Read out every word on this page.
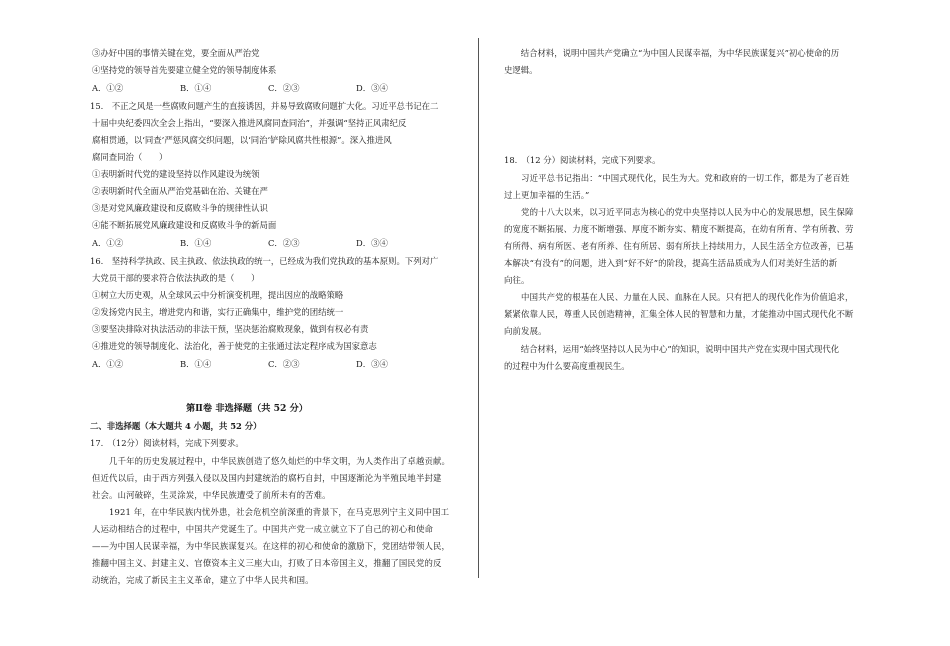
③办好中国的事情关键在党，要全面从严治党
④坚持党的领导首先要建立健全党的领导制度体系
A．①②	B．①④	C．②③	D．③④
15.　不正之风是一些腐败问题产生的直接诱因，并易导致腐败问题扩大化。习近平总书记在二
十届中央纪委四次全会上指出，“要深入推进风腐同查同治”，并强调“坚持正风肃纪反
腐相贯通，以‘同查’严惩风腐交织问题，以‘同治’铲除风腐共性根源”。深入推进风
腐同查同治（　　）
①表明新时代党的建设坚持以作风建设为统领
②表明新时代全面从严治党基础在治、关键在严
③是对党风廉政建设和反腐败斗争的规律性认识
④能不断拓展党风廉政建设和反腐败斗争的新局面
A．①②	B．①④	C．②③	D．③④
16.　坚持科学执政、民主执政、依法执政的统一，已经成为我们党执政的基本原则。下列对广
大党员干部的要求符合依法执政的是（　　）
①树立大历史观，从全球风云中分析演变机理，提出因应的战略策略
②发扬党内民主，增进党内和谐，实行正确集中，维护党的团结统一
③要坚决排除对执法活动的非法干预，坚决惩治腐败现象，做到有权必有责
④推进党的领导制度化、法治化，善于使党的主张通过法定程序成为国家意志
A．①②	B．①④	C．②③	D．③④
第Ⅱ卷 非选择题（共 52 分）
二、非选择题（本大题共 4 小题，共 52 分）
17.　（12分）阅读材料，完成下列要求。
　　几千年的历史发展过程中，中华民族创造了悠久灿烂的中华文明，为人类作出了卓越贡献。
但近代以后，由于西方列强入侵以及国内封建统治的腐朽自封，中国逐渐沦为半殖民地半封建
社会。山河破碎，生灵涂炭，中华民族遭受了前所未有的苦难。
　　1921 年，在中华民族内忧外患，社会危机空前深重的背景下，在马克思列宁主义同中国工
人运动相结合的过程中，中国共产党诞生了。中国共产党一成立就立下了自己的初心和使命
——为中国人民谋幸福，为中华民族谋复兴。在这样的初心和使命的激励下，党团结带领人民，
推翻中国主义、封建主义、官僚资本主义三座大山，打败了日本帝国主义，推翻了国民党的反
动统治，完成了新民主主义革命，建立了中华人民共和国。
　　结合材料，说明中国共产党确立“为中国人民谋幸福，为中华民族谋复兴”初心使命的历
史逻辑。
18.　（12 分）阅读材料，完成下列要求。
　　习近平总书记指出：“中国式现代化，民生为大。党和政府的一切工作，都是为了老百姓
过上更加幸福的生活。”
　　党的十八大以来，以习近平同志为核心的党中央坚持以人民为中心的发展思想，民生保障
的宽度不断拓展、力度不断增强、厚度不断夯实、精度不断提高，在幼有所育、学有所教、劳
有所得、病有所医、老有所养、住有所居、弱有所扶上持续用力，人民生活全方位改善，已基
本解决“有没有”的问题，进入到“好不好”的阶段，提高生活品质成为人们对美好生活的新
向往。
　　中国共产党的根基在人民、力量在人民、血脉在人民。只有把人的现代化作为价值追求，
紧紧依靠人民，尊重人民创造精神，汇集全体人民的智慧和力量，才能推动中国式现代化不断
向前发展。
　　结合材料，运用“始终坚持以人民为中心”的知识，说明中国共产党在实现中国式现代化
的过程中为什么要高度重视民生。
